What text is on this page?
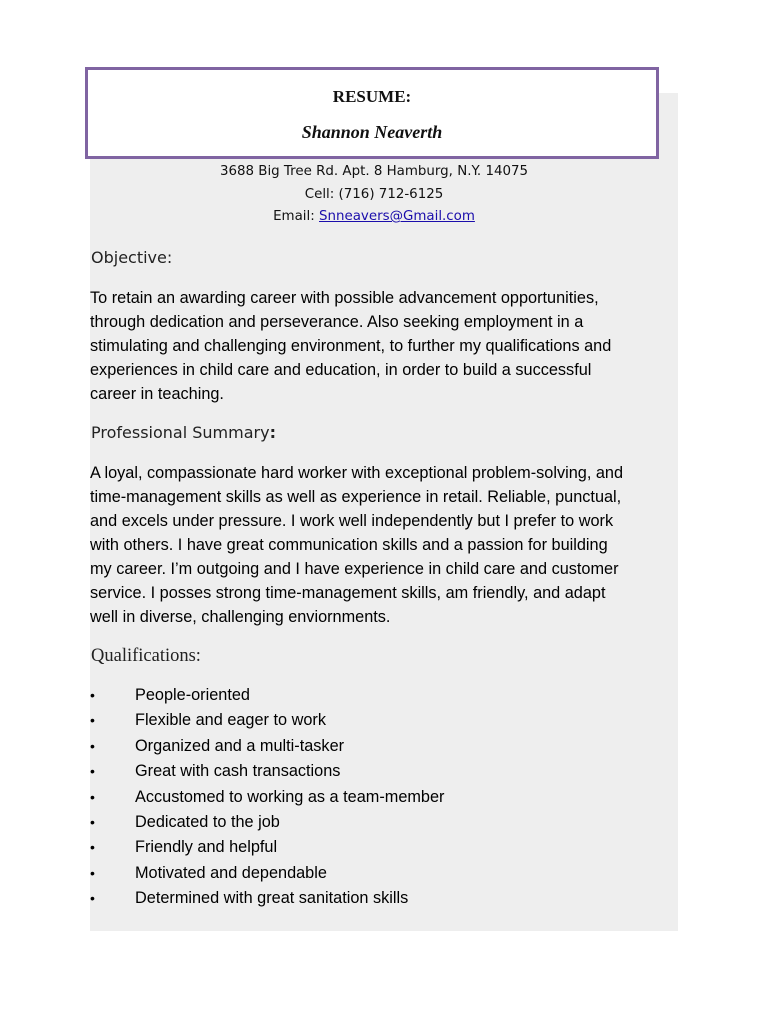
RESUME:
Shannon Neaverth
3688 Big Tree Rd. Apt. 8 Hamburg, N.Y. 14075
Cell: (716) 712-6125
Email: Snneavers@Gmail.com
Objective:
To retain an awarding career with possible advancement opportunities,
through dedication and perseverance. Also seeking employment in a
stimulating and challenging environment, to further my qualifications and
experiences in child care and education, in order to build a successful
career in teaching.
Professional Summary:
A loyal, compassionate hard worker with exceptional problem-solving, and
time-management skills as well as experience in retail. Reliable, punctual,
and excels under pressure. I work well independently but I prefer to work
with others. I have great communication skills and a passion for building
my career. I’m outgoing and I have experience in child care and customer
service. I posses strong time-management skills, am friendly, and adapt
well in diverse, challenging enviornments.
Qualifications:
• People-oriented
• Flexible and eager to work
• Organized and a multi-tasker
• Great with cash transactions
• Accustomed to working as a team-member
• Dedicated to the job
• Friendly and helpful
• Motivated and dependable
• Determined with great sanitation skills
